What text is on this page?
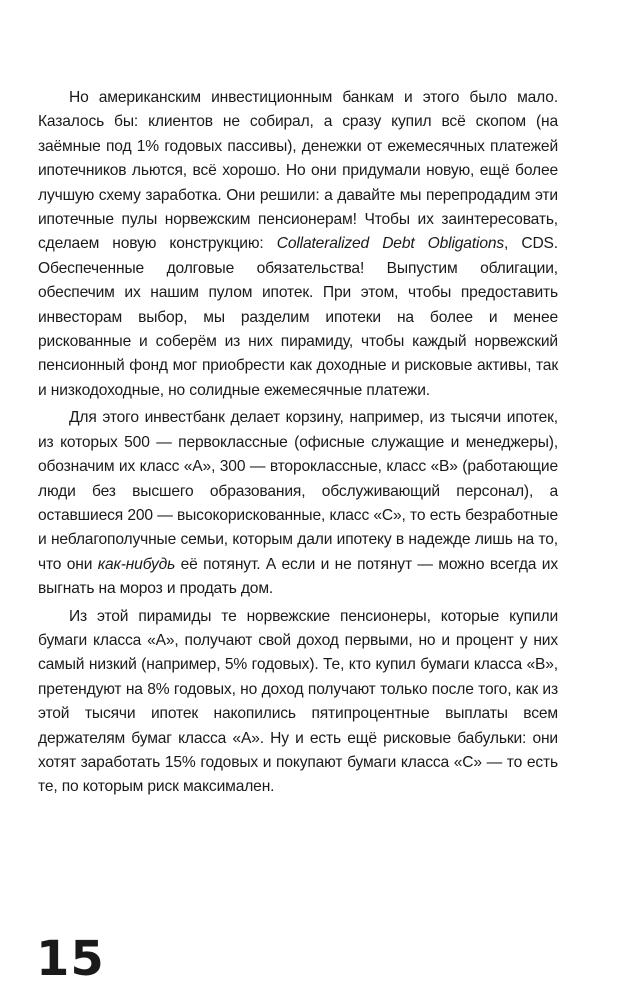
Но американским инвестиционным банкам и этого было мало. Казалось бы: клиентов не собирал, а сразу купил всё скопом (на заёмные под 1% годовых пассивы), денежки от ежемесячных платежей ипотечников льются, всё хорошо. Но они придумали новую, ещё более лучшую схему заработка. Они решили: а давайте мы перепродадим эти ипотечные пулы норвежским пенсионерам! Чтобы их заинтересовать, сделаем новую конструкцию: Collateralized Debt Obligations, CDS. Обеспеченные долговые обязательства! Выпустим облигации, обеспечим их нашим пулом ипотек. При этом, чтобы предоставить инвесторам выбор, мы разделим ипотеки на более и менее рискованные и соберём из них пирамиду, чтобы каждый норвежский пенсионный фонд мог приобрести как доходные и рисковые активы, так и низкодоходные, но солидные ежемесячные платежи.

Для этого инвестбанк делает корзину, например, из тысячи ипотек, из которых 500 — первоклассные (офисные служащие и менеджеры), обозначим их класс «A», 300 — второклассные, класс «B» (работающие люди без высшего образования, обслуживающий персонал), а оставшиеся 200 — высокорискованные, класс «C», то есть безработные и неблагополучные семьи, которым дали ипотеку в надежде лишь на то, что они как-нибудь её потянут. А если и не потянут — можно всегда их выгнать на мороз и продать дом.

Из этой пирамиды те норвежские пенсионеры, которые купили бумаги класса «A», получают свой доход первыми, но и процент у них самый низкий (например, 5% годовых). Те, кто купил бумаги класса «B», претендуют на 8% годовых, но доход получают только после того, как из этой тысячи ипотек накопились пятипроцентные выплаты всем держателям бумаг класса «A». Ну и есть ещё рисковые бабульки: они хотят заработать 15% годовых и покупают бумаги класса «C» — то есть те, по которым риск максимален.

15
